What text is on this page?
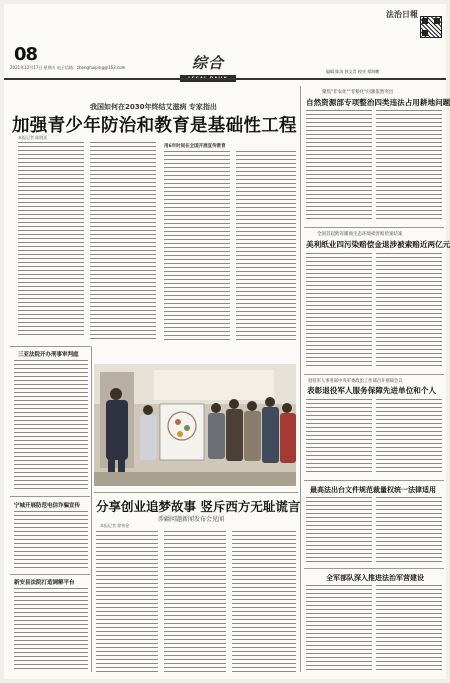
08
2021年12月17日 星期五 电子信箱：zhenghuiping@163.com	综合
法治日報
编辑 陈涛 郭文青 校对 郑海鹏
我国如何在2030年终结艾滋病 专家指出
加强青少年防治和教育是基础性工程
本报记者 陈晓延
用6年时间在全国开展宣传教育
三亚法院开办刑事审判庭
宁城开展防范电信诈骗宣传
新安县法院打造调解平台
分享创业追梦故事 竖斥西方无耻谎言
涉疆问题新闻发布会见闻
本报记者 徐伟伦
聚焦"非农化""非粮化"问题依然突出
自然资源部专项整治四类违法占用耕地问题
全国首起跨省暖商生态环境损害赔偿案结案
美利纸业四污染赔偿金退涉被索赔近两亿元
退役军人事务部中央军委政治工作部召开视频会议
表彰退役军人服务保障先进单位和个人
最高法出台文件规范裁量权统一法律适用
全军部队深入推进法治军营建设
